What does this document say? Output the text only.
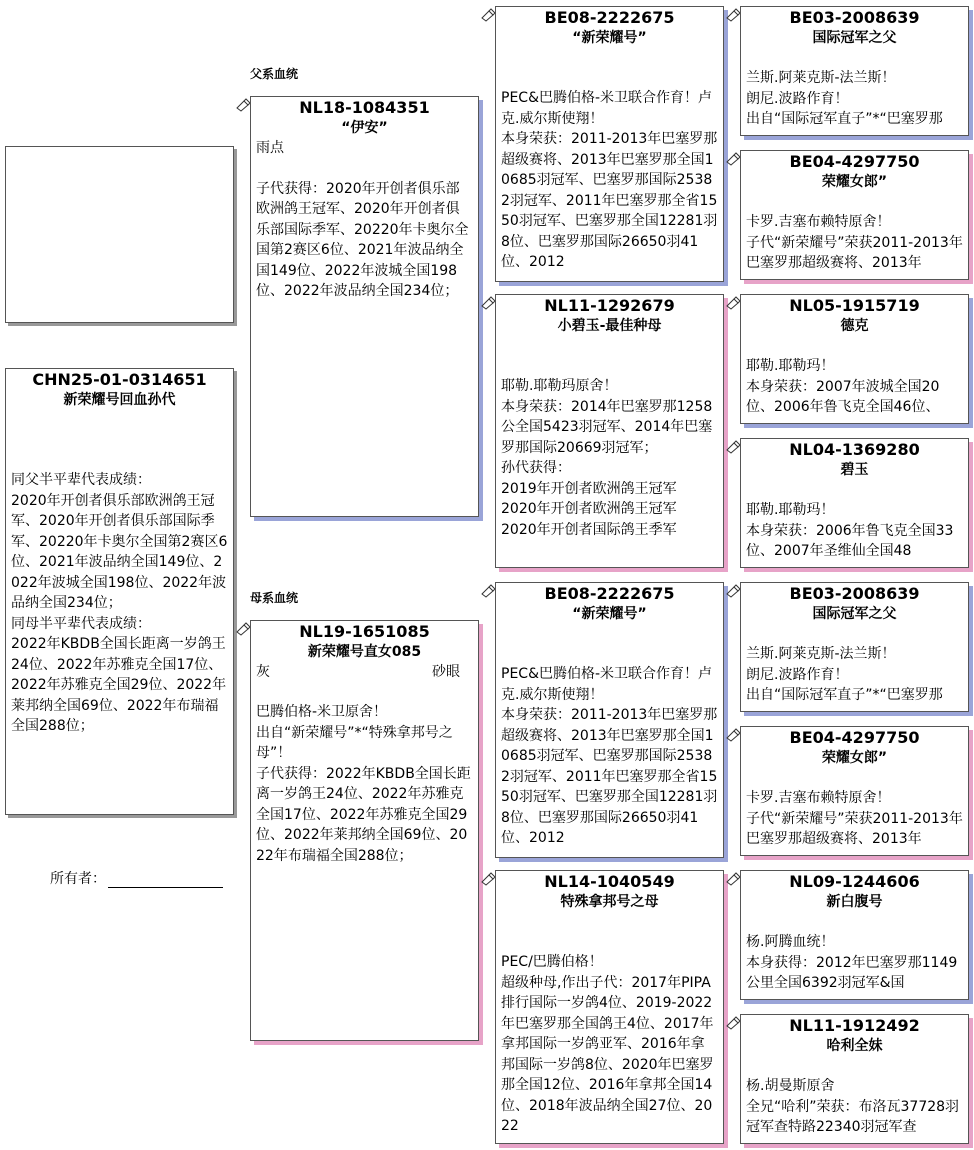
CHN25-01-0314651
新荣耀号回血孙代
同父半平辈代表成绩：
2020年开创者俱乐部欧洲鸽王冠军、2020年开创者俱乐部国际季军、20220年卡奥尔全国第2赛区6位、2021年波品纳全国149位、2022年波城全国198位、2022年波品纳全国234位；
同母半平辈代表成绩：
2022年KBDB全国长距离一岁鸽王24位、2022年苏雅克全国17位、2022年苏雅克全国29位、2022年莱邦纳全国69位、2022年布瑞福全国288位；
所有者：
父系血统
母系血统
NL18-1084351
“伊安”
雨点
子代获得：2020年开创者俱乐部欧洲鸽王冠军、2020年开创者俱乐部国际季军、20220年卡奥尔全国第2赛区6位、2021年波品纳全国149位、2022年波城全国198位、2022年波品纳全国234位；
NL19-1651085
新荣耀号直女085
灰	砂眼
巴腾伯格-米卫原舍！
出自“新荣耀号”*“特殊拿邦号之母”！
子代获得：2022年KBDB全国长距离一岁鸽王24位、2022年苏雅克全国17位、2022年苏雅克全国29位、2022年莱邦纳全国69位、2022年布瑞福全国288位；
BE08-2222675
“新荣耀号”
PEC&巴腾伯格-米卫联合作育！卢克.威尔斯使翔！
本身荣获：2011-2013年巴塞罗那超级赛将、2013年巴塞罗那全国10685羽冠军、巴塞罗那国际25382羽冠军、2011年巴塞罗那全省1550羽冠军、巴塞罗那全国12281羽8位、巴塞罗那国际26650羽41位、2012
NL11-1292679
小碧玉-最佳种母
耶勒.耶勒玛原舍！
本身荣获：2014年巴塞罗那1258公全国5423羽冠军、2014年巴塞罗那国际20669羽冠军；
孙代获得：
2019年开创者欧洲鸽王冠军
2020年开创者欧洲鸽王冠军
2020年开创者国际鸽王季军
BE08-2222675
“新荣耀号”
PEC&巴腾伯格-米卫联合作育！卢克.威尔斯使翔！
本身荣获：2011-2013年巴塞罗那超级赛将、2013年巴塞罗那全国10685羽冠军、巴塞罗那国际25382羽冠军、2011年巴塞罗那全省1550羽冠军、巴塞罗那全国12281羽8位、巴塞罗那国际26650羽41位、2012
NL14-1040549
特殊拿邦号之母
PEC/巴腾伯格！
超级种母,作出子代：2017年PIPA排行国际一岁鸽4位、2019-2022年巴塞罗那全国鸽王4位、2017年拿邦国际一岁鸽亚军、2016年拿邦国际一岁鸽8位、2020年巴塞罗那全国12位、2016年拿邦全国14位、2018年波品纳全国27位、2022
BE03-2008639
国际冠军之父
兰斯.阿莱克斯-法兰斯！
朗尼.波路作育！
出自“国际冠军直子”*“巴塞罗那
BE04-4297750
荣耀女郎”
卡罗.吉塞布赖特原舍！
子代“新荣耀号”荣获2011-2013年巴塞罗那超级赛将、2013年
NL05-1915719
德克
耶勒.耶勒玛！
本身荣获：2007年波城全国20位、2006年鲁飞克全国46位、
NL04-1369280
碧玉
耶勒.耶勒玛！
本身荣获：2006年鲁飞克全国33位、2007年圣维仙全国48
BE03-2008639
国际冠军之父
兰斯.阿莱克斯-法兰斯！
朗尼.波路作育！
出自“国际冠军直子”*“巴塞罗那
BE04-4297750
荣耀女郎”
卡罗.吉塞布赖特原舍！
子代“新荣耀号”荣获2011-2013年巴塞罗那超级赛将、2013年
NL09-1244606
新白腹号
杨.阿腾血统！
本身获得：2012年巴塞罗那1149公里全国6392羽冠军&国
NL11-1912492
哈利全妹
杨.胡曼斯原舍
全兄“哈利”荣获：布洛瓦37728羽冠军查特路22340羽冠军查
